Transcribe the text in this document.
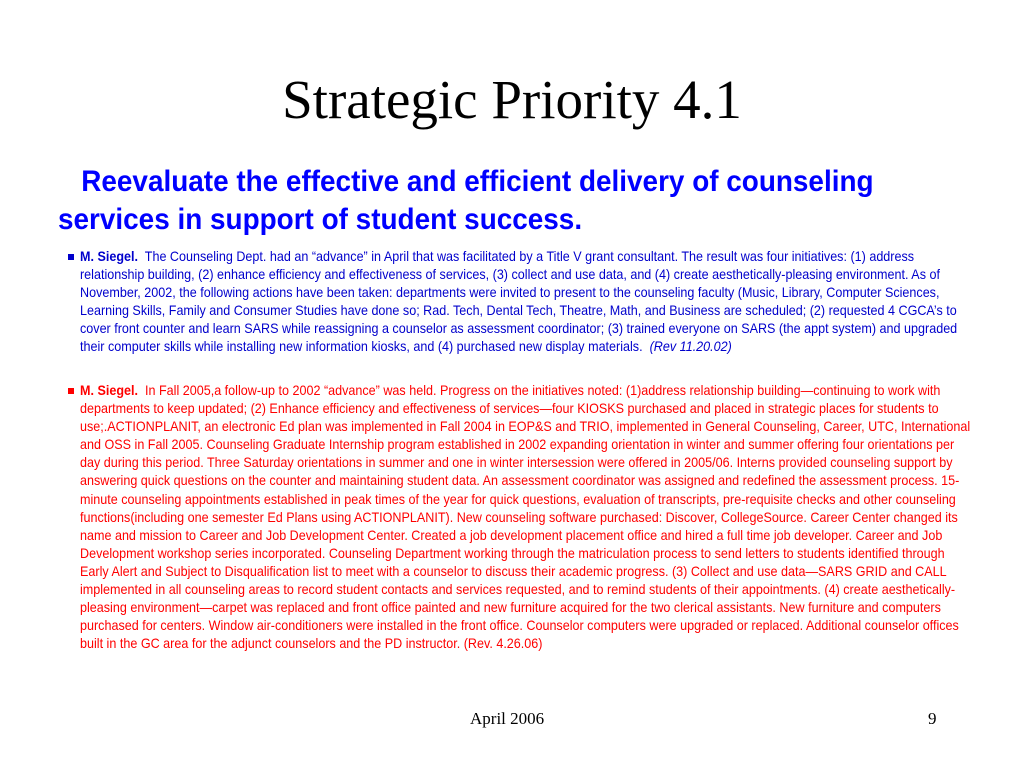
Strategic Priority 4.1

Reevaluate the effective and efficient delivery of counseling services in support of student success.

M. Siegel. The Counseling Dept. had an “advance” in April that was facilitated by a Title V grant consultant. The result was four initiatives: (1) address relationship building, (2) enhance efficiency and effectiveness of services, (3) collect and use data, and (4) create aesthetically-pleasing environment. As of November, 2002, the following actions have been taken: departments were invited to present to the counseling faculty (Music, Library, Computer Sciences, Learning Skills, Family and Consumer Studies have done so; Rad. Tech, Dental Tech, Theatre, Math, and Business are scheduled; (2) requested 4 CGCA’s to cover front counter and learn SARS while reassigning a counselor as assessment coordinator; (3) trained everyone on SARS (the appt system) and upgraded their computer skills while installing new information kiosks, and (4) purchased new display materials. (Rev 11.20.02)

M. Siegel. In Fall 2005,a follow-up to 2002 “advance” was held. Progress on the initiatives noted: (1)address relationship building—continuing to work with departments to keep updated; (2) Enhance efficiency and effectiveness of services—four KIOSKS purchased and placed in strategic places for students to use;.ACTIONPLANIT, an electronic Ed plan was implemented in Fall 2004 in EOP&S and TRIO, implemented in General Counseling, Career, UTC, International and OSS in Fall 2005. Counseling Graduate Internship program established in 2002 expanding orientation in winter and summer offering four orientations per day during this period. Three Saturday orientations in summer and one in winter intersession were offered in 2005/06. Interns provided counseling support by answering quick questions on the counter and maintaining student data. An assessment coordinator was assigned and redefined the assessment process. 15-minute counseling appointments established in peak times of the year for quick questions, evaluation of transcripts, pre-requisite checks and other counseling functions(including one semester Ed Plans using ACTIONPLANIT). New counseling software purchased: Discover, CollegeSource. Career Center changed its name and mission to Career and Job Development Center. Created a job development placement office and hired a full time job developer. Career and Job Development workshop series incorporated. Counseling Department working through the matriculation process to send letters to students identified through Early Alert and Subject to Disqualification list to meet with a counselor to discuss their academic progress. (3) Collect and use data—SARS GRID and CALL implemented in all counseling areas to record student contacts and services requested, and to remind students of their appointments. (4) create aesthetically-pleasing environment—carpet was replaced and front office painted and new furniture acquired for the two clerical assistants. New furniture and computers purchased for centers. Window air-conditioners were installed in the front office. Counselor computers were upgraded or replaced. Additional counselor offices built in the GC area for the adjunct counselors and the PD instructor. (Rev. 4.26.06)

April 2006	9
